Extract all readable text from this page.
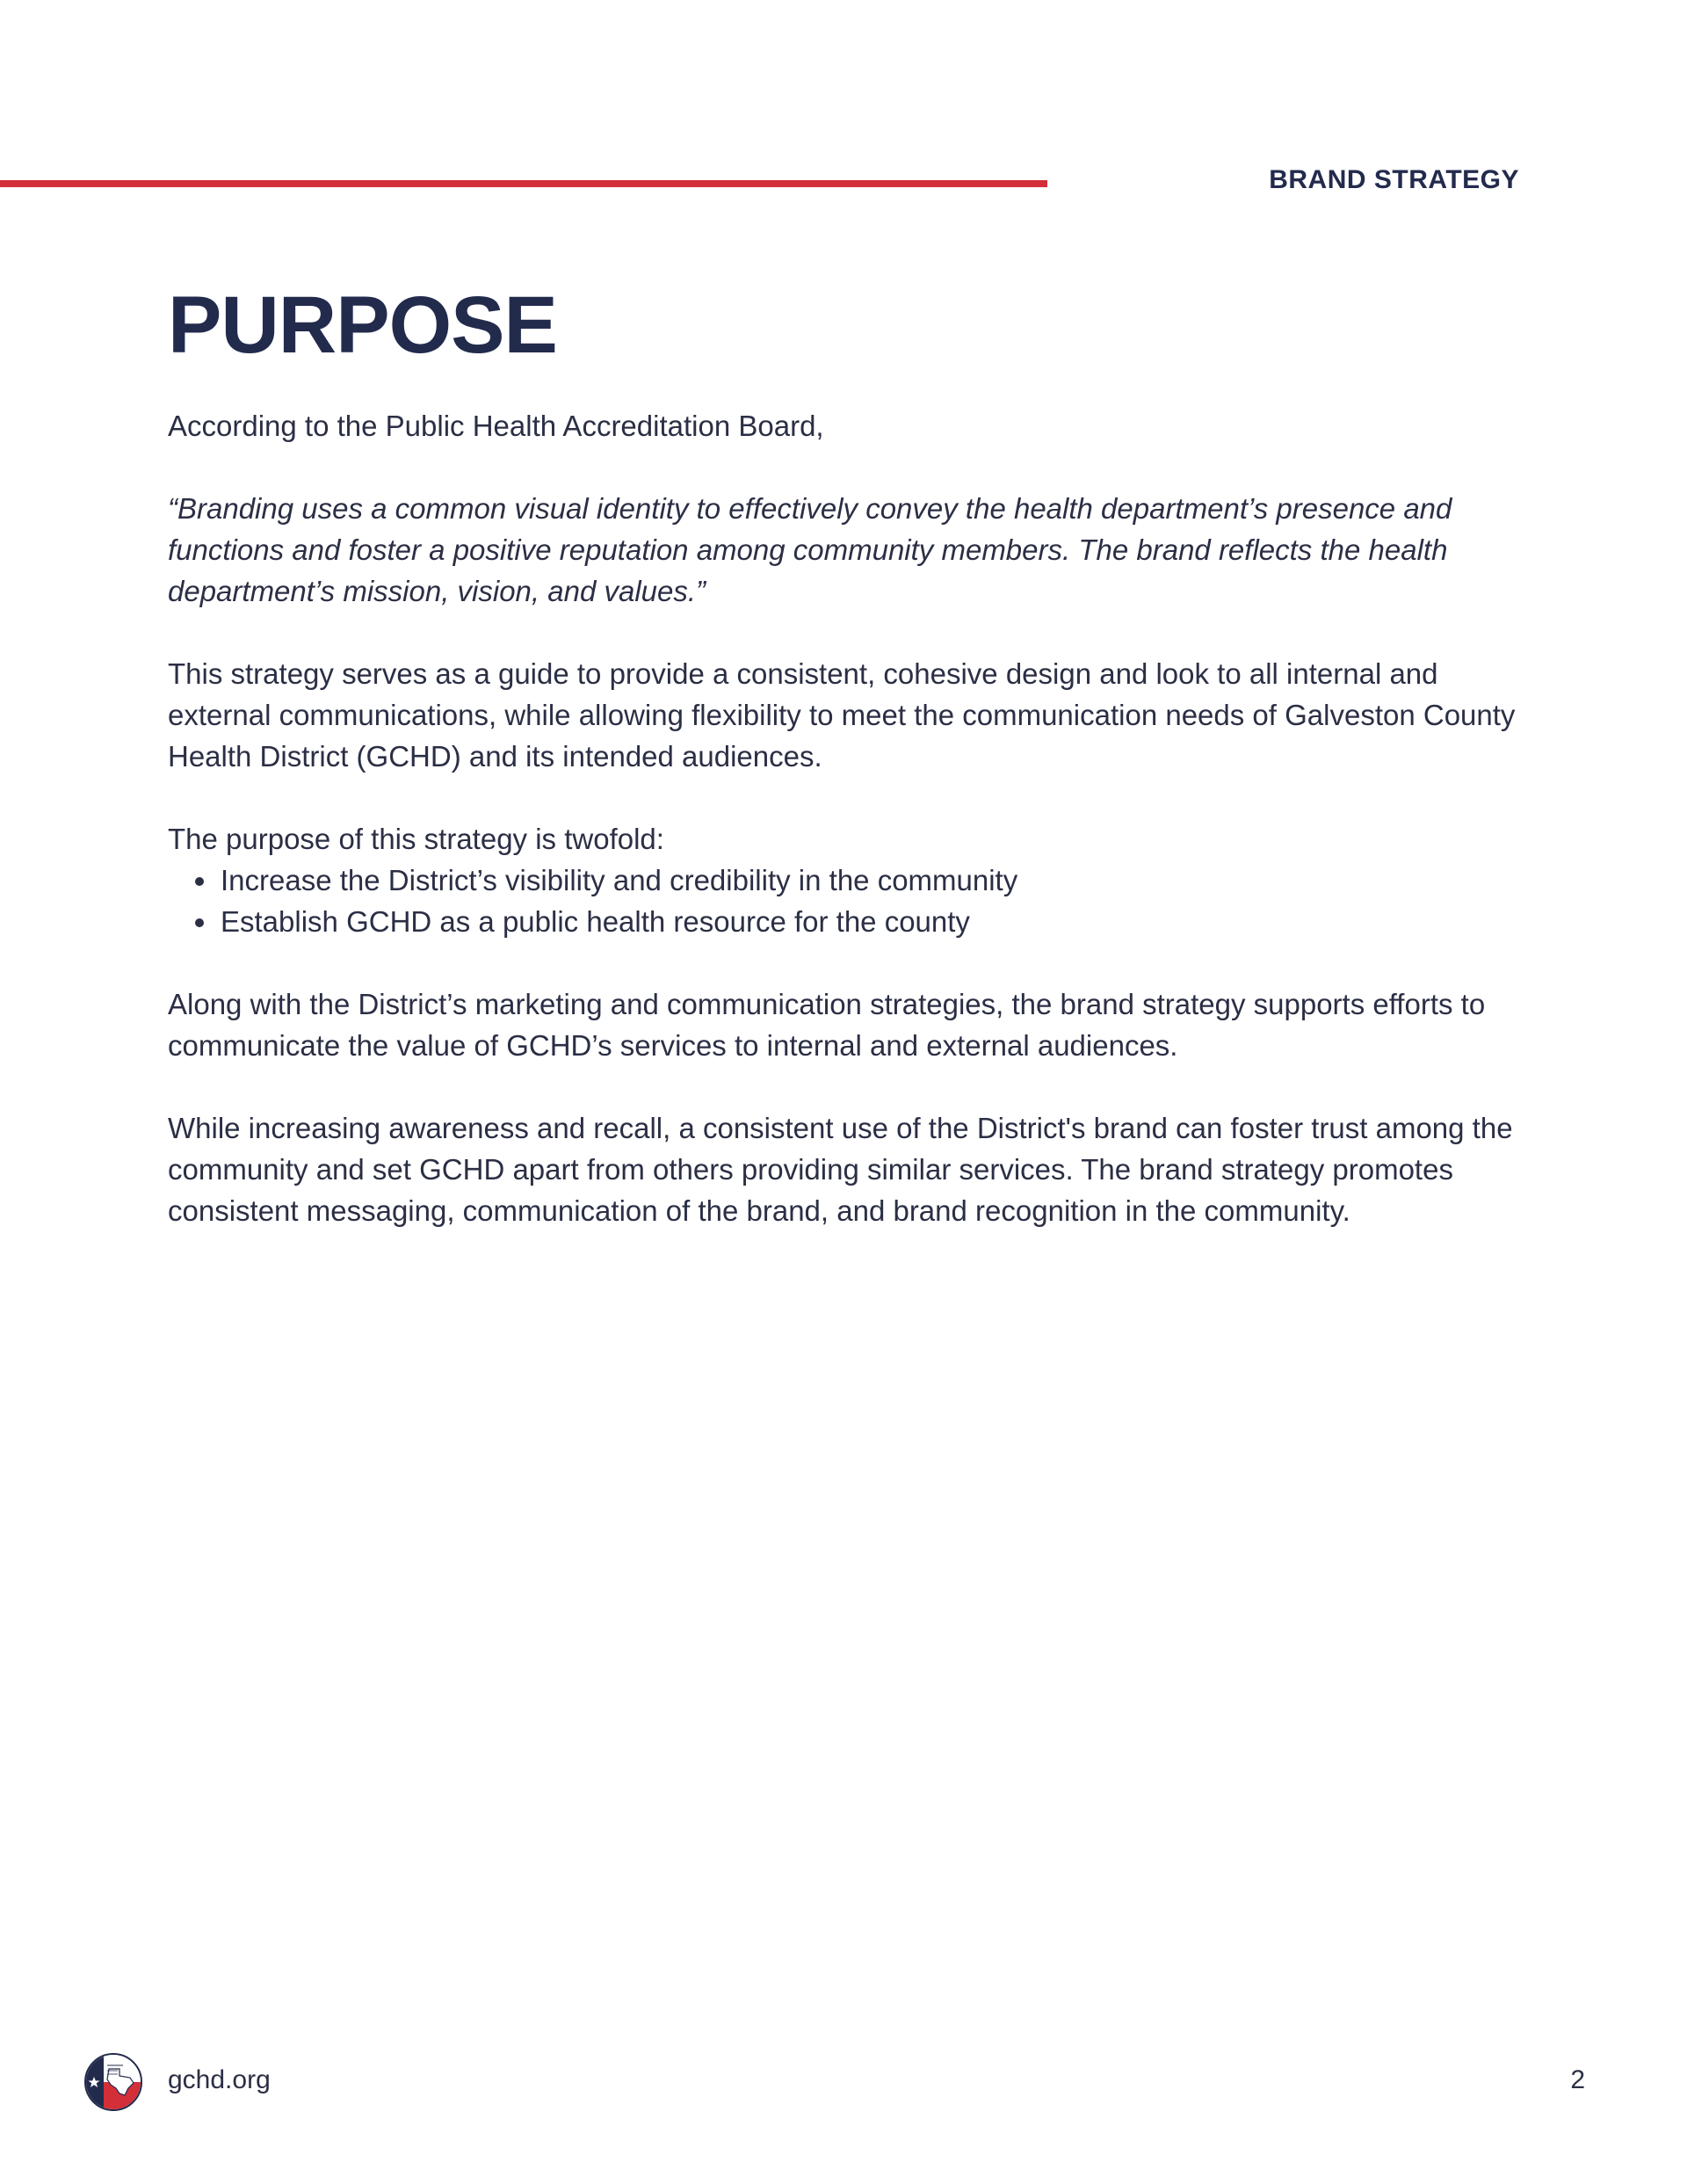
BRAND STRATEGY
PURPOSE

According to the Public Health Accreditation Board,

“Branding uses a common visual identity to effectively convey the health department’s presence and functions and foster a positive reputation among community members. The brand reflects the health department’s mission, vision, and values.”

This strategy serves as a guide to provide a consistent, cohesive design and look to all internal and external communications, while allowing flexibility to meet the communication needs of Galveston County Health District (GCHD) and its intended audiences.

The purpose of this strategy is twofold:

• Increase the District’s visibility and credibility in the community
• Establish GCHD as a public health resource for the county

Along with the District’s marketing and communication strategies, the brand strategy supports efforts to communicate the value of GCHD’s services to internal and external audiences.

While increasing awareness and recall, a consistent use of the District's brand can foster trust among the community and set GCHD apart from others providing similar services. The brand strategy promotes consistent messaging, communication of the brand, and brand recognition in the community.

gchd.org	2
